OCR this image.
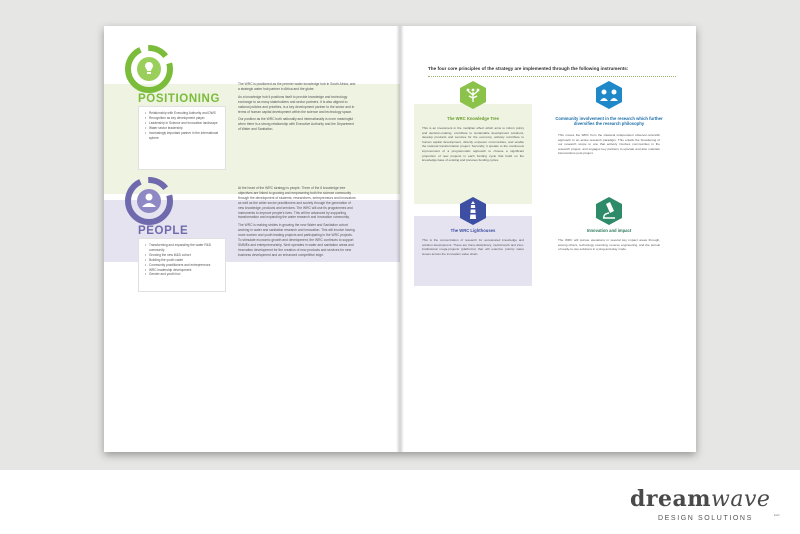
POSITIONING
• Relationship with Executing Authority and DWS
• Recognition as key development player
• Leadership in Science and Innovation landscape
• Water sector leadership
• Increasingly important partner in the international sphere

The WRC is positioned as the premier water knowledge hub in South Africa, and a strategic water hub partner in Africa and the globe.

As a knowledge hub it positions itself to provide knowledge and technology exchange to as many stakeholders and sector partners. It is also aligned to national policies and priorities, is a key development partner to the sector and in terms of human capital development within the science and technology space.

Our position as the WRC both nationally and internationally is more meaningful when there is a strong relationship with Executive Authority and the Department of Water and Sanitation.

PEOPLE
• Transforming and expanding the water R&D community
• Growing the new M&D cohort
• Building the youth cadre
• Community practitioners and entrepreneurs
• WRC leadership development
• Gender and youth foci

At the heart of the WRC strategy is people. Three of the 6 knowledge tree objectives are linked to growing and empowering both the science community through the development of students, researchers, entrepreneurs and innovators as well as the wider sector practitioners and society through the generation of new knowledge, products and services. The WRC will use its programmes and instruments to improve people's lives. This will be advanced by supporting transformation and expanding the water research and innovation community.

The WRC is making strides in growing the new Water and Sanitation cohort working in water and sanitation research and innovation. This will involve having more women and youth leading projects and participating in the WRC projects. To stimulate economic growth and development, the WRC continues to support SMMEs and entrepreneurship. Next operates in water and sanitation areas and innovation development for the creation of new products and services for new business development and an enhanced competitive edge.

WRC KNOWLEDGE TREE STRATEGY 2020-2025
The four core principles of the strategy are implemented through the following instruments:
The WRC Knowledge Tree
This is an investment in the multiplier effect which aims to inform policy and decision-making, contribute to sustainable development solutions, develop products and services for the economy, actively contribute to human capital development, directly empower communities, and enable the national transformation project. Secondly, it speaks to the continuous improvement of a programmatic approach to choose a significant proportion of new projects in each funding cycle that build on the knowledge base of existing and previous funding cycles.
Community involvement in the research which further diversifies the research philosophy
This moves the WRC from the classical independent observer-scientific approach to an active-research paradigm. This entails the broadening of our research scope to one that actively involves communities in the research project, and engages key partners to upscale and also maintain interventions post-project.
The WRC Lighthouses
This is the concentration of research for accelerated knowledge and solution development. These are trans-disciplinary, multi-branch and inter-institutional mega-projects (platforms) that will examine priority water issues across the innovation value chain.
Innovation and impact
The WRC will pursue elevations in several key impact areas through, among others, technology scanning, reverse engineering, and the pursuit of ready-to-use solutions in a plug-and-play mode.
WRC KNOWLEDGE TREE STRATEGY 2020-2025
dreamwave
DESIGN SOLUTIONS	LLC
